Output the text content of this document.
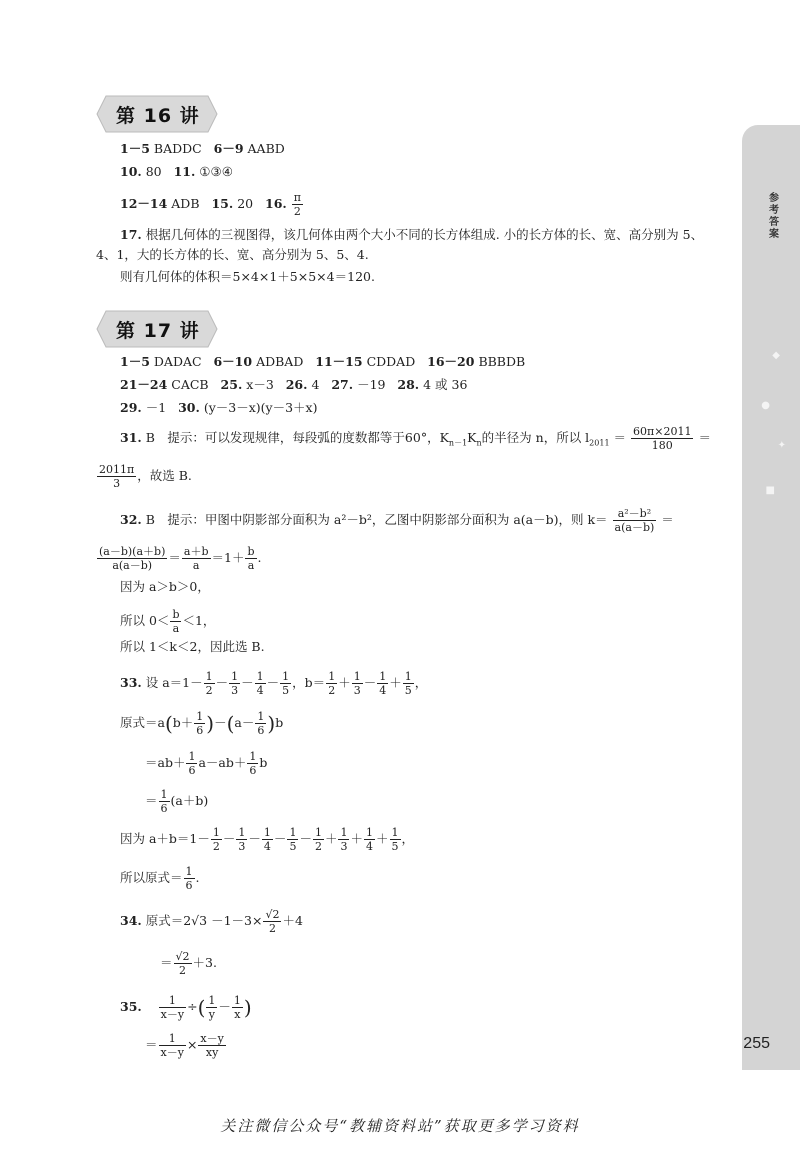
参考答案
◆
●
✦
■
255
第 16 讲
1－5 BADDC 6－9 AABD
10. 80 11. ①③④
12－14 ADB 15. 20 16. $\frac{\pi}{2}$
17. 根据几何体的三视图得，该几何体由两个大小不同的长方体组成. 小的长方体的长、宽、高分别为 5、
4、1，大的长方体的长、宽、高分别为 5、5、4.
则有几何体的体积＝5×4×1＋5×5×4＝120.
第 17 讲
1－5 DADAC 6－10 ADBAD 11－15 CDDAD 16－20 BBBDB
21－24 CACB 25. x－3 26. 4 27. －19 28. 4 或 36
29. －1 30. (y－3－x)(y－3＋x)
31. B　提示：可以发现规律，每段弧的度数都等于60°，$K_{n-1}K_n$的半径为 n，所以 $l_{2011} = \frac{60\pi\times 2011}{180}$ ＝
$\frac{2011\pi}{3}$ ，故选 B.
32. B　提示：甲图中阴影部分面积为 a²－b²，乙图中阴影部分面积为 a(a－b)，则 $k= \frac{\text{a²－b²}}{a(a-b)}$ ＝
$\frac{(a-b)(a+b)}{a(a-b)} = \frac{a+b}{a} =1+ \frac{b}{a}$ .
因为 a＞b＞0，
所以 $0< \frac{b}{a} <1$，
所以 1＜k＜2，因此选 B.
33. 设 $a=1- \frac{1}{2} - \frac{1}{3} - \frac{1}{4} - \frac{1}{5}$ ，$b= \frac{1}{2} + \frac{1}{3} - \frac{1}{4} + \frac{1}{5}$ ，
原式$=a(b+ \frac{1}{6} )-(a- \frac{1}{6} )b$
$=ab+ \frac{1}{6} a-ab+ \frac{1}{6}$ b
＝ $\frac{1}{6} (a+b)$
因为 $a+b=1- \frac{1}{2} - \frac{1}{3} - \frac{1}{4} - \frac{1}{5} - \frac{1}{2} + \frac{1}{3} + \frac{1}{4} + \frac{1}{5}$ ，
所以原式＝ $\frac{1}{6}$ .
34. 原式$=2√3 -1-3\times \frac{√2}{2} +4$
＝ $\frac{√2}{2} +3$.
35. $\frac{1}{x-y}$ ÷( $\frac{1}{y} - \frac{1}{x}$ )
＝ $\frac{1}{x-y} \times \frac{x-y}{xy}$
关注微信公众号“教辅资料站”获取更多学习资料
